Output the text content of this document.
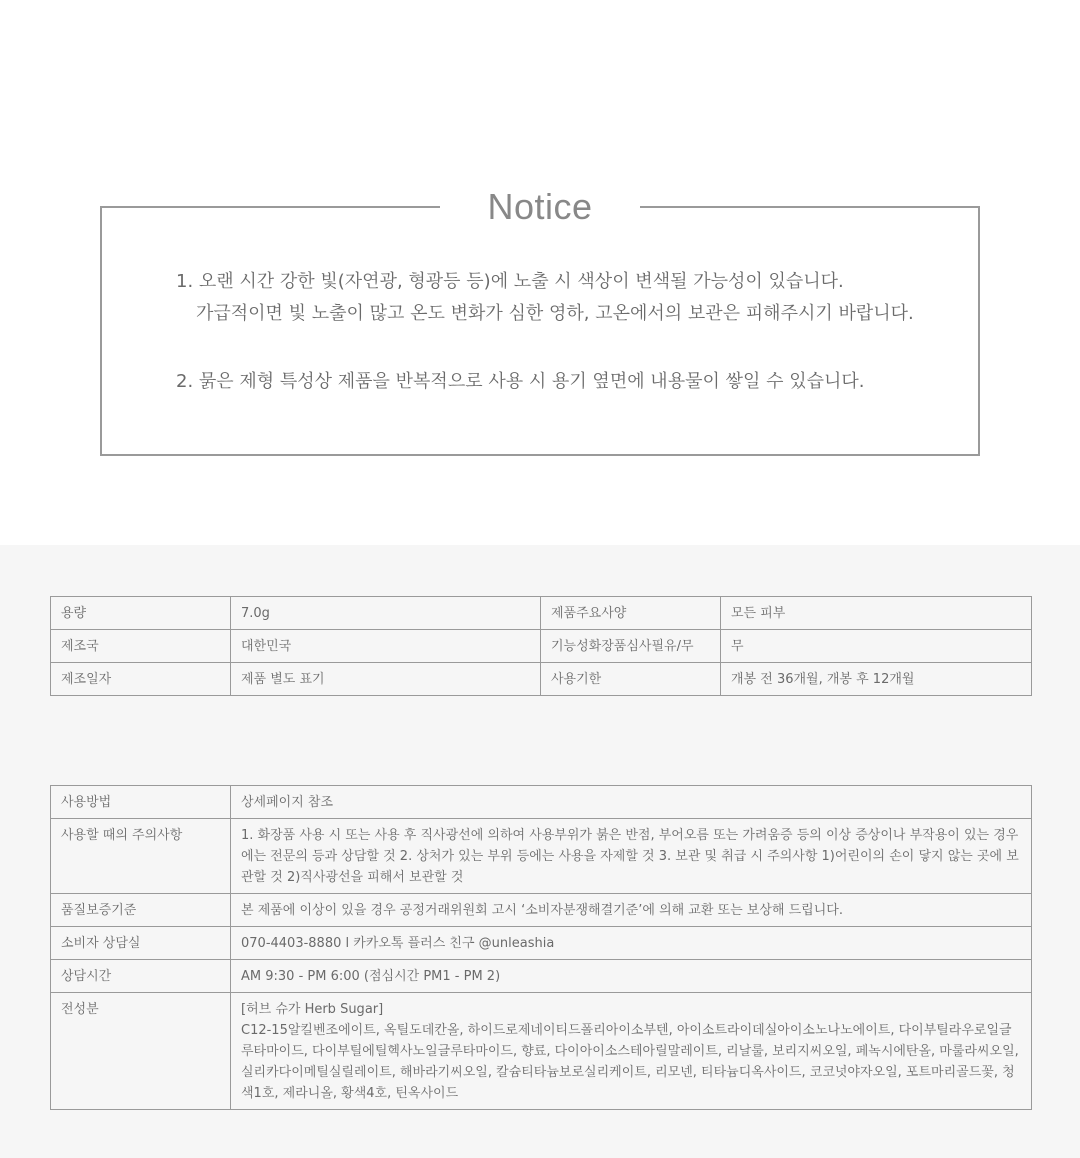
Notice
1. 오랜 시간 강한 빛(자연광, 형광등 등)에 노출 시 색상이 변색될 가능성이 있습니다.
가급적이면 빛 노출이 많고 온도 변화가 심한 영하, 고온에서의 보관은 피해주시기 바랍니다.
2. 묽은 제형 특성상 제품을 반복적으로 사용 시 용기 옆면에 내용물이 쌓일 수 있습니다.
용량	7.0g	제품주요사양	모든 피부
제조국	대한민국	기능성화장품심사필유/무	무
제조일자	제품 별도 표기	사용기한	개봉 전 36개월, 개봉 후 12개월
사용방법	상세페이지 참조
사용할 때의 주의사항	1. 화장품 사용 시 또는 사용 후 직사광선에 의하여 사용부위가 붉은 반점, 부어오름 또는 가려움증 등의 이상 증상이나 부작용이 있는 경우에는 전문의 등과 상담할 것 2. 상처가 있는 부위 등에는 사용을 자제할 것 3. 보관 및 취급 시 주의사항 1)어린이의 손이 닿지 않는 곳에 보관할 것 2)직사광선을 피해서 보관할 것
품질보증기준	본 제품에 이상이 있을 경우 공정거래위원회 고시 ‘소비자분쟁해결기준’에 의해 교환 또는 보상해 드립니다.
소비자 상담실	070-4403-8880 l 카카오톡 플러스 친구 @unleashia
상담시간	AM 9:30 - PM 6:00 (점심시간 PM1 - PM 2)
전성분	[허브 슈가 Herb Sugar]
C12-15알킬벤조에이트, 옥틸도데칸올, 하이드로제네이티드폴리아이소부텐, 아이소트라이데실아이소노나노에이트, 다이부틸라우로일글루타마이드, 다이부틸에틸헥사노일글루타마이드, 향료, 다이아이소스테아릴말레이트, 리날룰, 보리지씨오일, 페녹시에탄올, 마룰라씨오일, 실리카다이메틸실릴레이트, 해바라기씨오일, 칼슘티타늄보로실리케이트, 리모넨, 티타늄디옥사이드, 코코넛야자오일, 포트마리골드꽃, 청색1호, 제라니올, 황색4호, 틴옥사이드
